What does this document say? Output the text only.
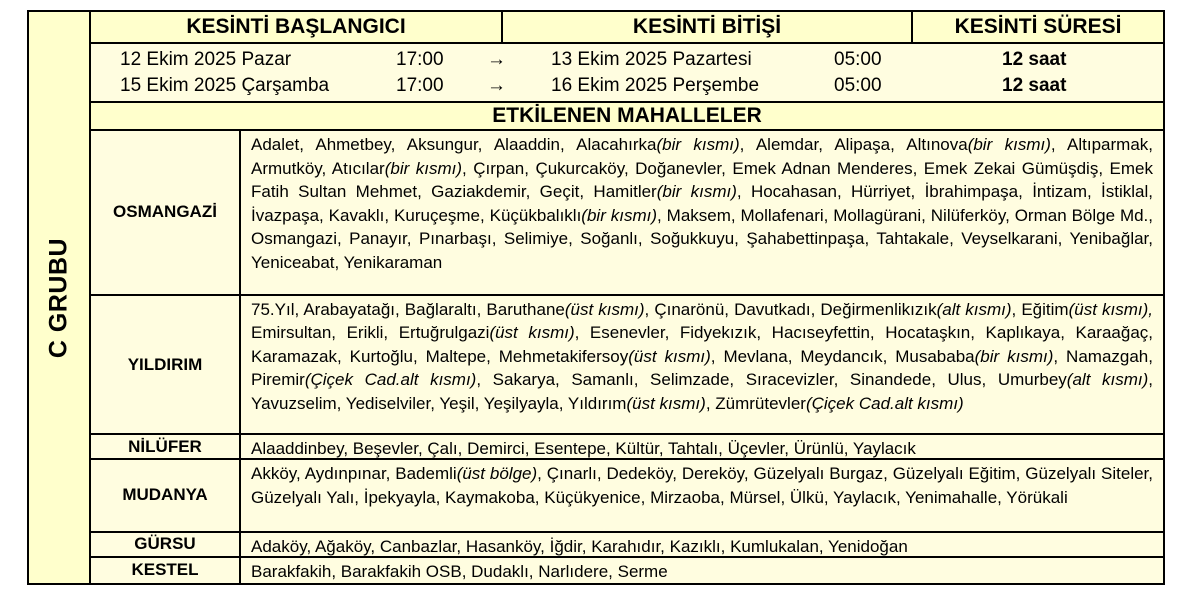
C GRUBU
KESİNTİ BAŞLANGICI	KESİNTİ BİTİŞİ	KESİNTİ SÜRESİ
12 Ekim 2025 Pazar	17:00 → 13 Ekim 2025 Pazartesi	05:00	12 saat
15 Ekim 2025 Çarşamba	17:00 → 16 Ekim 2025 Perşembe	05:00	12 saat
ETKİLENEN MAHALLELER
OSMANGAZİ
Adalet, Ahmetbey, Aksungur, Alaaddin, Alacahırka(bir kısmı), Alemdar, Alipaşa, Altınova(bir kısmı), Altıparmak, Armutköy, Atıcılar(bir kısmı), Çırpan, Çukurcaköy, Doğanevler, Emek Adnan Menderes, Emek Zekai Gümüşdiş, Emek Fatih Sultan Mehmet, Gaziakdemir, Geçit, Hamitler(bir kısmı), Hocahasan, Hürriyet, İbrahimpaşa, İntizam, İstiklal, İvazpaşa, Kavaklı, Kuruçeşme, Küçükbalıklı(bir kısmı), Maksem, Mollafenari, Mollagürani, Nilüferköy, Orman Bölge Md., Osmangazi, Panayır, Pınarbaşı, Selimiye, Soğanlı, Soğukkuyu, Şahabettinpaşa, Tahtakale, Veyselkarani, Yenibağlar, Yeniceabat, Yenikaraman
YILDIRIM
75.Yıl, Arabayatağı, Bağlaraltı, Baruthane(üst kısmı), Çınarönü, Davutkadı, Değirmenlikızık(alt kısmı), Eğitim(üst kısmı), Emirsultan, Erikli, Ertuğrulgazi(üst kısmı), Esenevler, Fidyekızık, Hacıseyfettin, Hocataşkın, Kaplıkaya, Karaağaç, Karamazak, Kurtoğlu, Maltepe, Mehmetakifersoy(üst kısmı), Mevlana, Meydancık, Musababa(bir kısmı), Namazgah, Piremir(Çiçek Cad.alt kısmı), Sakarya, Samanlı, Selimzade, Sıracevizler, Sinandede, Ulus, Umurbey(alt kısmı), Yavuzselim, Yediselviler, Yeşil, Yeşilyayla, Yıldırım(üst kısmı), Zümrütevler(Çiçek Cad.alt kısmı)
NİLÜFER	Alaaddinbey, Beşevler, Çalı, Demirci, Esentepe, Kültür, Tahtalı, Üçevler, Ürünlü, Yaylacık
MUDANYA
Akköy, Aydınpınar, Bademli(üst bölge), Çınarlı, Dedeköy, Dereköy, Güzelyalı Burgaz, Güzelyalı Eğitim, Güzelyalı Siteler, Güzelyalı Yalı, İpekyayla, Kaymakoba, Küçükyenice, Mirzaoba, Mürsel, Ülkü, Yaylacık, Yenimahalle, Yörükali
GÜRSU	Adaköy, Ağaköy, Canbazlar, Hasanköy, İğdir, Karahıdır, Kazıklı, Kumlukalan, Yenidoğan
KESTEL	Barakfakih, Barakfakih OSB, Dudaklı, Narlıdere, Serme
